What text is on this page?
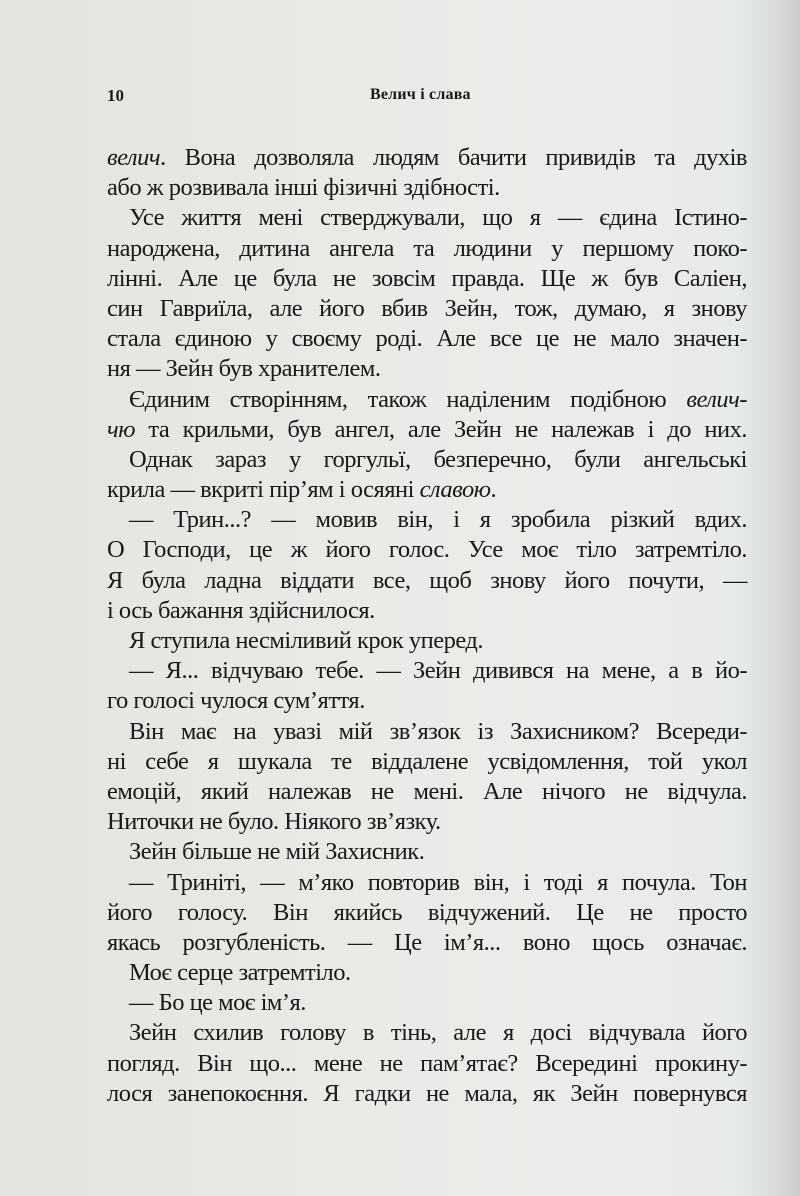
10	Велич і слава
велич. Вона дозволяла людям бачити привидів та духів
або ж розвивала інші фізичні здібності.
Усе життя мені стверджували, що я — єдина Істино-
народжена, дитина ангела та людини у першому поко-
лінні. Але це була не зовсім правда. Ще ж був Саліен,
син Гавриїла, але його вбив Зейн, тож, думаю, я знову
стала єдиною у своєму роді. Але все це не мало значен-
ня — Зейн був хранителем.
Єдиним створінням, також наділеним подібною велич-
чю та крильми, був ангел, але Зейн не належав і до них.
Однак зараз у горгульї, безперечно, були ангельські
крила — вкриті пір’ям і осяяні славою.
— Трин...? — мовив він, і я зробила різкий вдих.
О Господи, це ж його голос. Усе моє тіло затремтіло.
Я була ладна віддати все, щоб знову його почути, —
і ось бажання здійснилося.
Я ступила несміливий крок уперед.
— Я... відчуваю тебе. — Зейн дивився на мене, а в йо-
го голосі чулося сум’яття.
Він має на увазі мій зв’язок із Захисником? Всереди-
ні себе я шукала те віддалене усвідомлення, той укол
емоцій, який належав не мені. Але нічого не відчула.
Ниточки не було. Ніякого зв’язку.
Зейн більше не мій Захисник.
— Триніті, — м’яко повторив він, і тоді я почула. Тон
його голосу. Він якийсь відчужений. Це не просто
якась розгубленість. — Це ім’я... воно щось означає.
Моє серце затремтіло.
— Бо це моє ім’я.
Зейн схилив голову в тінь, але я досі відчувала його
погляд. Він що... мене не пам’ятає? Всередині прокину-
лося занепокоєння. Я гадки не мала, як Зейн повернувся
